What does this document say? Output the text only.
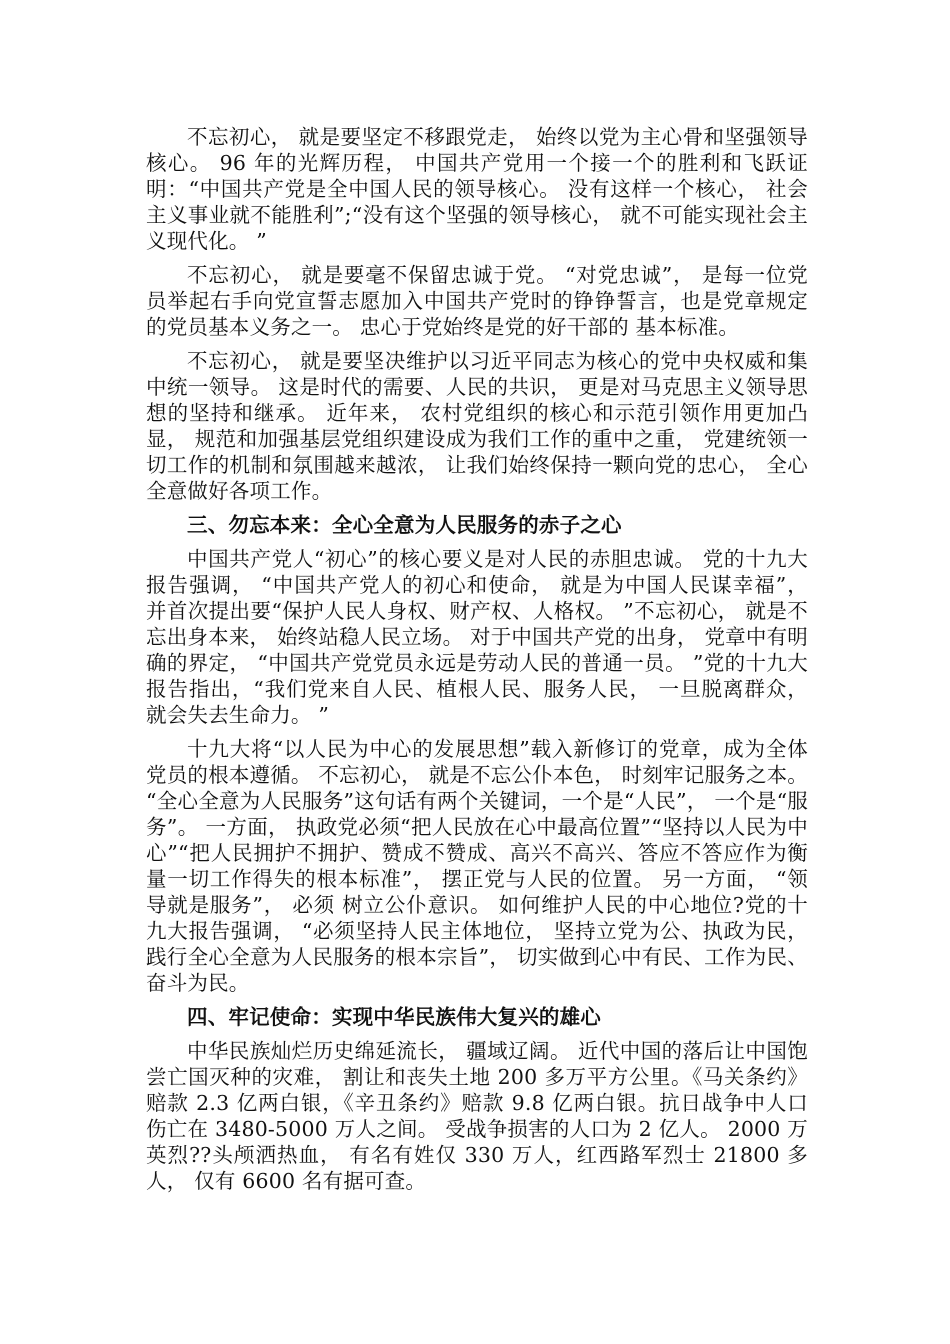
不忘初心， 就是要坚定不移跟党走， 始终以党为主心骨和坚强领导核心。 96 年的光辉历程， 中国共产党用一个接一个的胜利和飞跃证明：“中国共产党是全中国人民的领导核心。 没有这样一个核心， 社会主义事业就不能胜利”;“没有这个坚强的领导核心， 就不可能实现社会主义现代化。 ”

不忘初心， 就是要毫不保留忠诚于党。 “对党忠诚”， 是每一位党员举起右手向党宣誓志愿加入中国共产党时的铮铮誓言，也是党章规定的党员基本义务之一。 忠心于党始终是党的好干部的 基本标准。

不忘初心， 就是要坚决维护以习近平同志为核心的党中央权威和集中统一领导。 这是时代的需要、人民的共识， 更是对马克思主义领导思想的坚持和继承。 近年来， 农村党组织的核心和示范引领作用更加凸显， 规范和加强基层党组织建设成为我们工作的重中之重， 党建统领一切工作的机制和氛围越来越浓， 让我们始终保持一颗向党的忠心， 全心全意做好各项工作。

三、勿忘本来：全心全意为人民服务的赤子之心

中国共产党人“初心”的核心要义是对人民的赤胆忠诚。 党的十九大报告强调， “中国共产党人的初心和使命， 就是为中国人民谋幸福”， 并首次提出要“保护人民人身权、财产权、人格权。 ”不忘初心， 就是不忘出身本来， 始终站稳人民立场。 对于中国共产党的出身， 党章中有明确的界定， “中国共产党党员永远是劳动人民的普通一员。 ”党的十九大报告指出，“我们党来自人民、植根人民、服务人民， 一旦脱离群众， 就会失去生命力。 ”

十九大将“以人民为中心的发展思想”载入新修订的党章，成为全体党员的根本遵循。 不忘初心， 就是不忘公仆本色， 时刻牢记服务之本。 “全心全意为人民服务”这句话有两个关键词，一个是“人民”， 一个是“服务”。 一方面， 执政党必须“把人民放在心中最高位置”“坚持以人民为中心”“把人民拥护不拥护、赞成不赞成、高兴不高兴、答应不答应作为衡量一切工作得失的根本标准”， 摆正党与人民的位置。 另一方面， “领导就是服务”， 必须 树立公仆意识。 如何维护人民的中心地位?党的十九大报告强调， “必须坚持人民主体地位， 坚持立党为公、执政为民， 践行全心全意为人民服务的根本宗旨”， 切实做到心中有民、工作为民、奋斗为民。

四、牢记使命：实现中华民族伟大复兴的雄心

中华民族灿烂历史绵延流长， 疆域辽阔。 近代中国的落后让中国饱尝亡国灭种的灾难， 割让和丧失土地 200 多万平方公里。《马关条约》赔款 2.3 亿两白银，《辛丑条约》赔款 9.8 亿两白银。抗日战争中人口伤亡在 3480-5000 万人之间。 受战争损害的人口为 2 亿人。 2000 万英烈??头颅洒热血， 有名有姓仅 330 万人，红西路军烈士 21800 多人， 仅有 6600 名有据可查。
